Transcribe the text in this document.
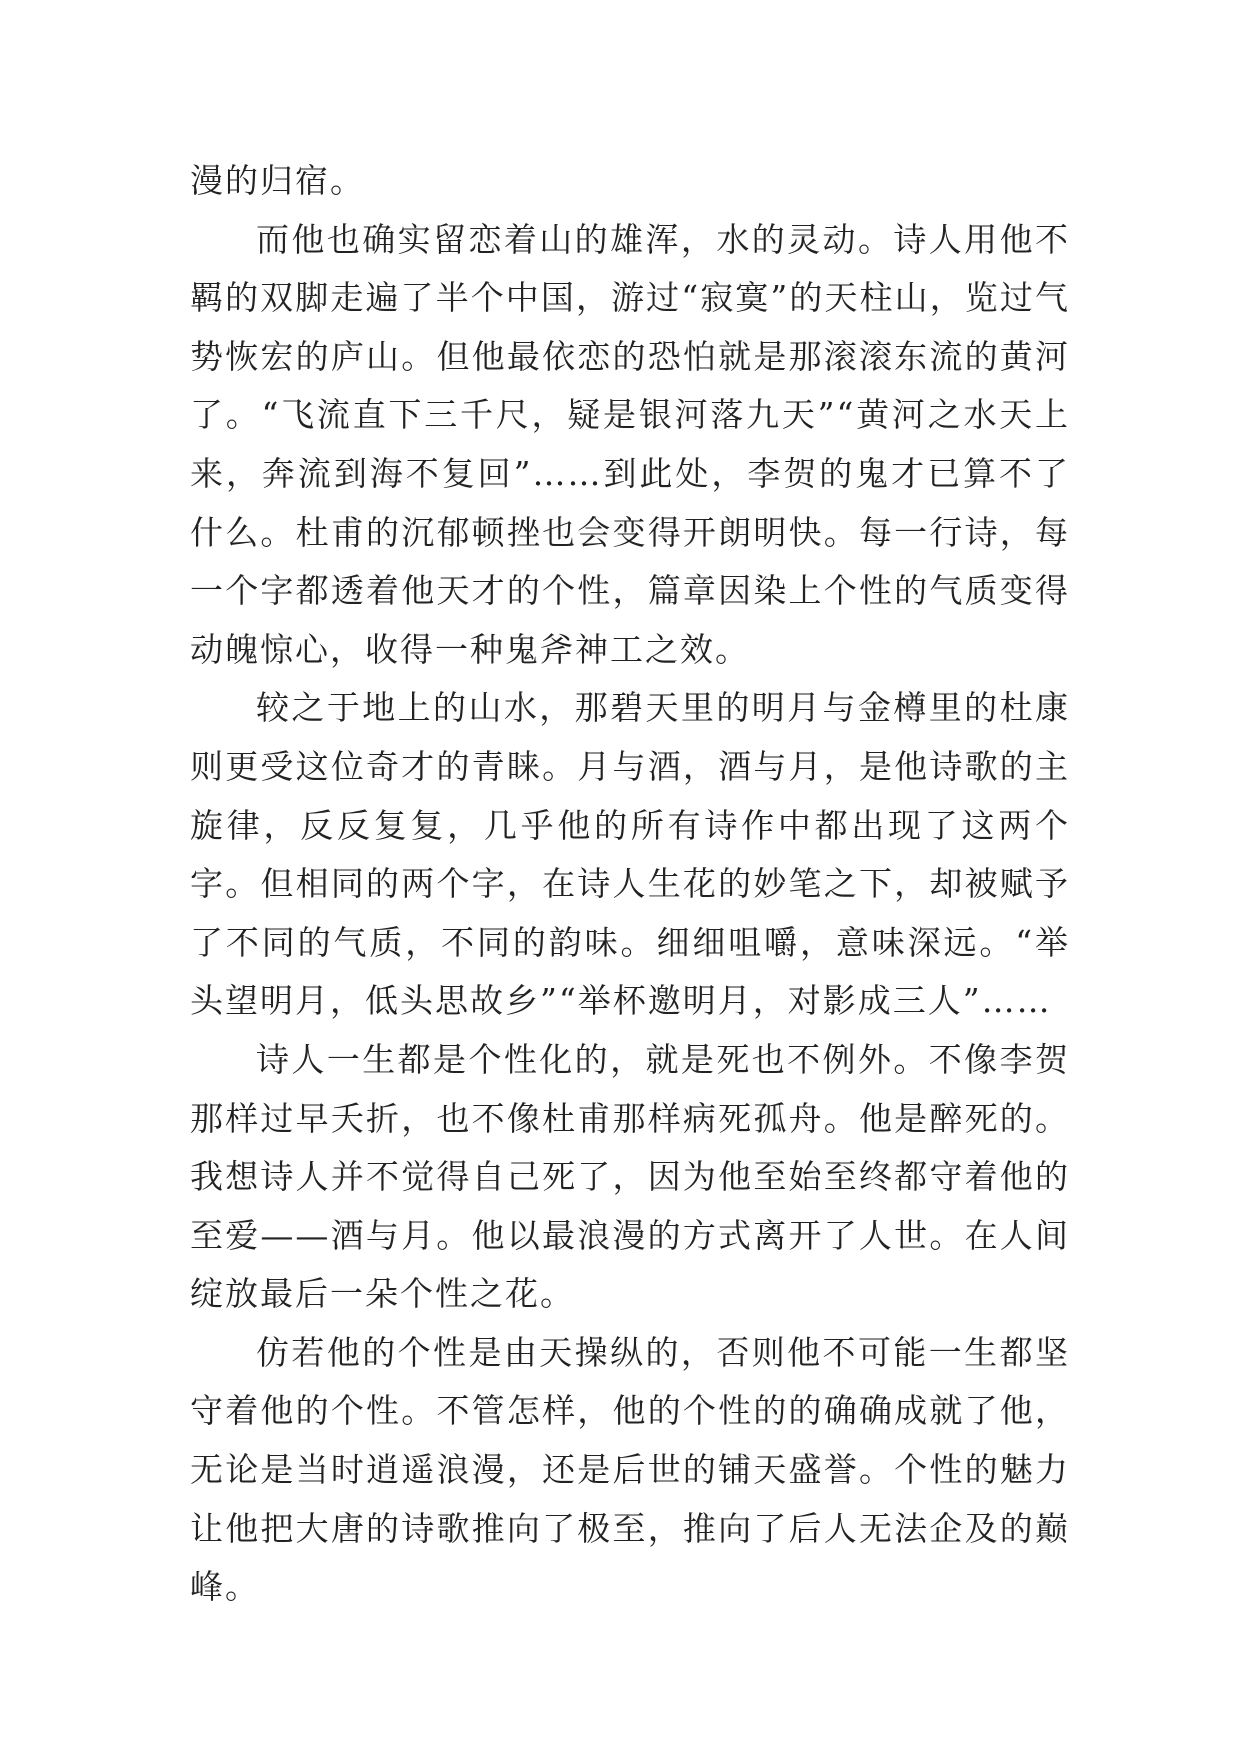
漫的归宿。

而他也确实留恋着山的雄浑，水的灵动。诗人用他不羁的双脚走遍了半个中国，游过“寂寞”的天柱山，览过气势恢宏的庐山。但他最依恋的恐怕就是那滚滚东流的黄河了。“飞流直下三千尺，疑是银河落九天”“黄河之水天上来，奔流到海不复回”……到此处，李贺的鬼才已算不了什么。杜甫的沉郁顿挫也会变得开朗明快。每一行诗，每一个字都透着他天才的个性，篇章因染上个性的气质变得动魄惊心，收得一种鬼斧神工之效。

较之于地上的山水，那碧天里的明月与金樽里的杜康则更受这位奇才的青睐。月与酒，酒与月，是他诗歌的主旋律，反反复复，几乎他的所有诗作中都出现了这两个字。但相同的两个字，在诗人生花的妙笔之下，却被赋予了不同的气质，不同的韵味。细细咀嚼，意味深远。“举头望明月，低头思故乡”“举杯邀明月，对影成三人”……

诗人一生都是个性化的，就是死也不例外。不像李贺那样过早夭折，也不像杜甫那样病死孤舟。他是醉死的。我想诗人并不觉得自己死了，因为他至始至终都守着他的至爱——酒与月。他以最浪漫的方式离开了人世。在人间绽放最后一朵个性之花。

仿若他的个性是由天操纵的，否则他不可能一生都坚守着他的个性。不管怎样，他的个性的的确确成就了他，无论是当时逍遥浪漫，还是后世的铺天盛誉。个性的魅力让他把大唐的诗歌推向了极至，推向了后人无法企及的巅峰。
